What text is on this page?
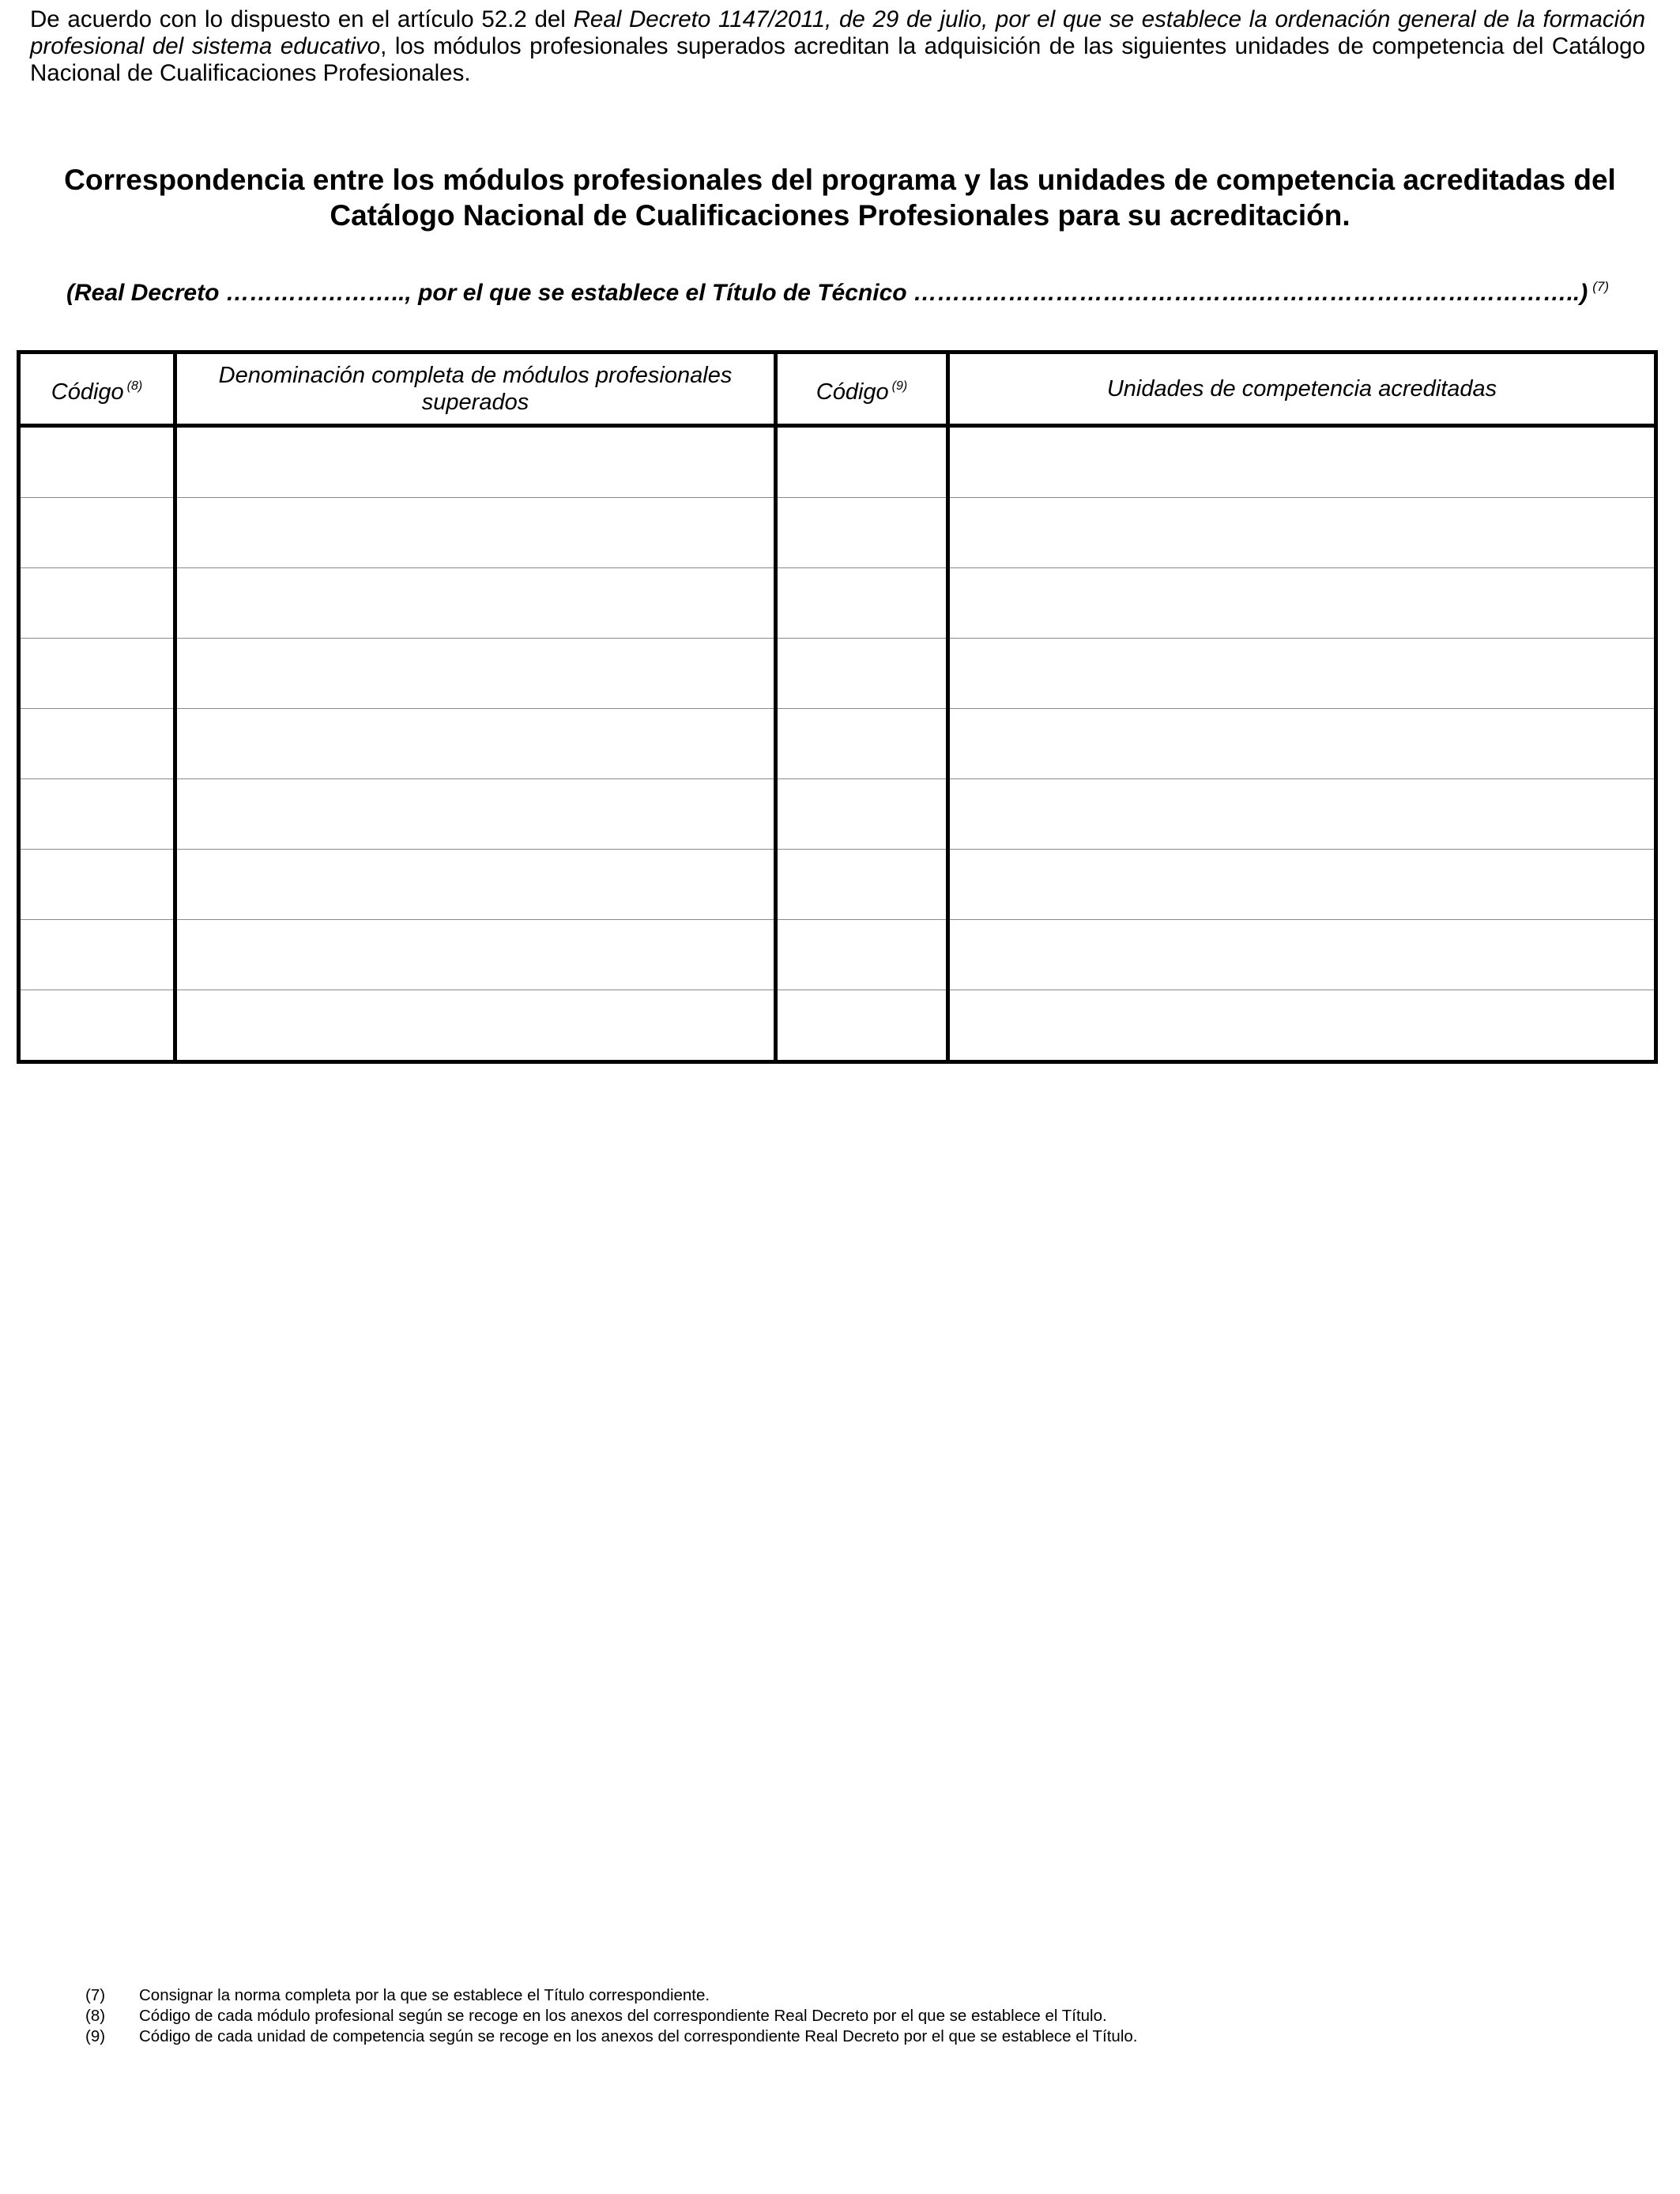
De acuerdo con lo dispuesto en el artículo 52.2 del Real Decreto 1147/2011, de 29 de julio, por el que se establece la ordenación general de la formación profesional del sistema educativo, los módulos profesionales superados acreditan la adquisición de las siguientes unidades de competencia del Catálogo Nacional de Cualificaciones Profesionales.

Correspondencia entre los módulos profesionales del programa y las unidades de competencia acreditadas del Catálogo Nacional de Cualificaciones Profesionales para su acreditación.

(Real Decreto ………………….., por el que se establece el Título de Técnico ……………………………………..…………………………………..) $^{(7)}$

Código $^{(8)}$	Denominación completa de módulos profesionales superados	Código $^{(9)}$	Unidades de competencia acreditadas

(7)	Consignar la norma completa por la que se establece el Título correspondiente.
(8)	Código de cada módulo profesional según se recoge en los anexos del correspondiente Real Decreto por el que se establece el Título.
(9)	Código de cada unidad de competencia según se recoge en los anexos del correspondiente Real Decreto por el que se establece el Título.
